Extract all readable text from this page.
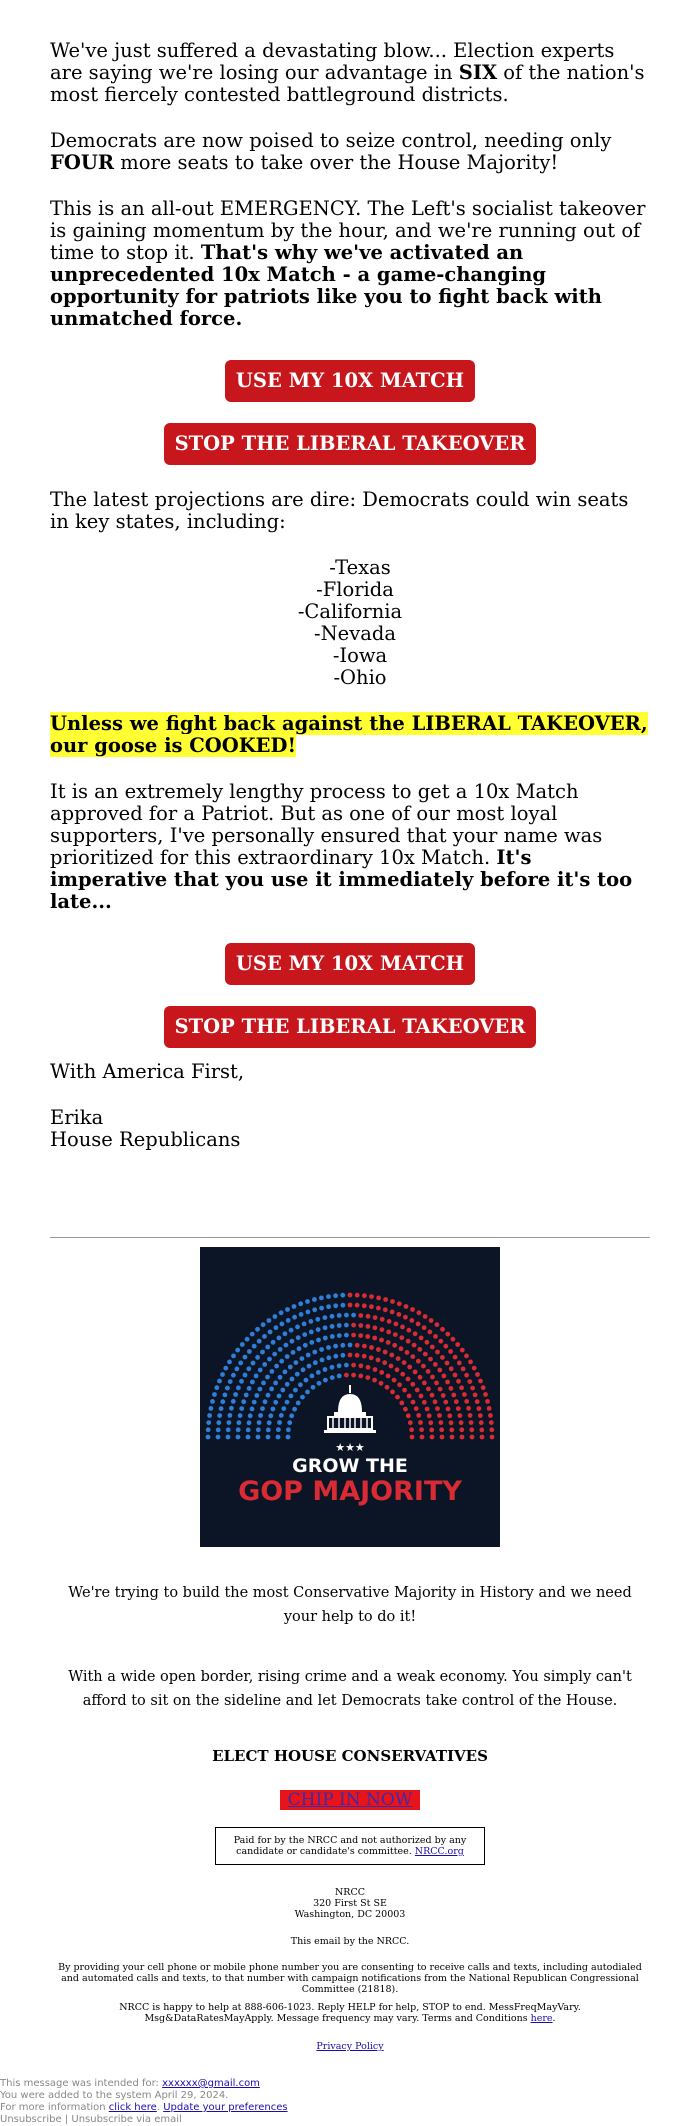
We've just suffered a devastating blow... Election experts are saying we're losing our advantage in SIX of the nation's most fiercely contested battleground districts.

Democrats are now poised to seize control, needing only FOUR more seats to take over the House Majority!

This is an all-out EMERGENCY. The Left's socialist takeover is gaining momentum by the hour, and we're running out of time to stop it. That's why we've activated an unprecedented 10x Match - a game-changing opportunity for patriots like you to fight back with unmatched force.

USE MY 10X MATCH
STOP THE LIBERAL TAKEOVER

The latest projections are dire: Democrats could win seats in key states, including:

-Texas
-Florida
-California
-Nevada
-Iowa
-Ohio

Unless we fight back against the LIBERAL TAKEOVER, our goose is COOKED!

It is an extremely lengthy process to get a 10x Match approved for a Patriot. But as one of our most loyal supporters, I've personally ensured that your name was prioritized for this extraordinary 10x Match. It's imperative that you use it immediately before it's too late...

USE MY 10X MATCH
STOP THE LIBERAL TAKEOVER

With America First,

Erika
House Republicans
★★★
GROW THE
GOP MAJORITY
We're trying to build the most Conservative Majority in History and we need your help to do it!
With a wide open border, rising crime and a weak economy. You simply can't afford to sit on the sideline and let Democrats take control of the House.
ELECT HOUSE CONSERVATIVES
CHIP IN NOW
Paid for by the NRCC and not authorized by any candidate or candidate's committee. NRCC.org
NRCC
320 First St SE
Washington, DC 20003
This email by the NRCC.
By providing your cell phone or mobile phone number you are consenting to receive calls and texts, including autodialed and automated calls and texts, to that number with campaign notifications from the National Republican Congressional Committee (21818).
NRCC is happy to help at 888-606-1023. Reply HELP for help, STOP to end. MessFreqMayVary. Msg&DataRatesMayApply. Message frequency may vary. Terms and Conditions here.
Privacy Policy
This message was intended for: xxxxxx@gmail.com
You were added to the system April 29, 2024.
For more information click here. Update your preferences
Unsubscribe | Unsubscribe via email
